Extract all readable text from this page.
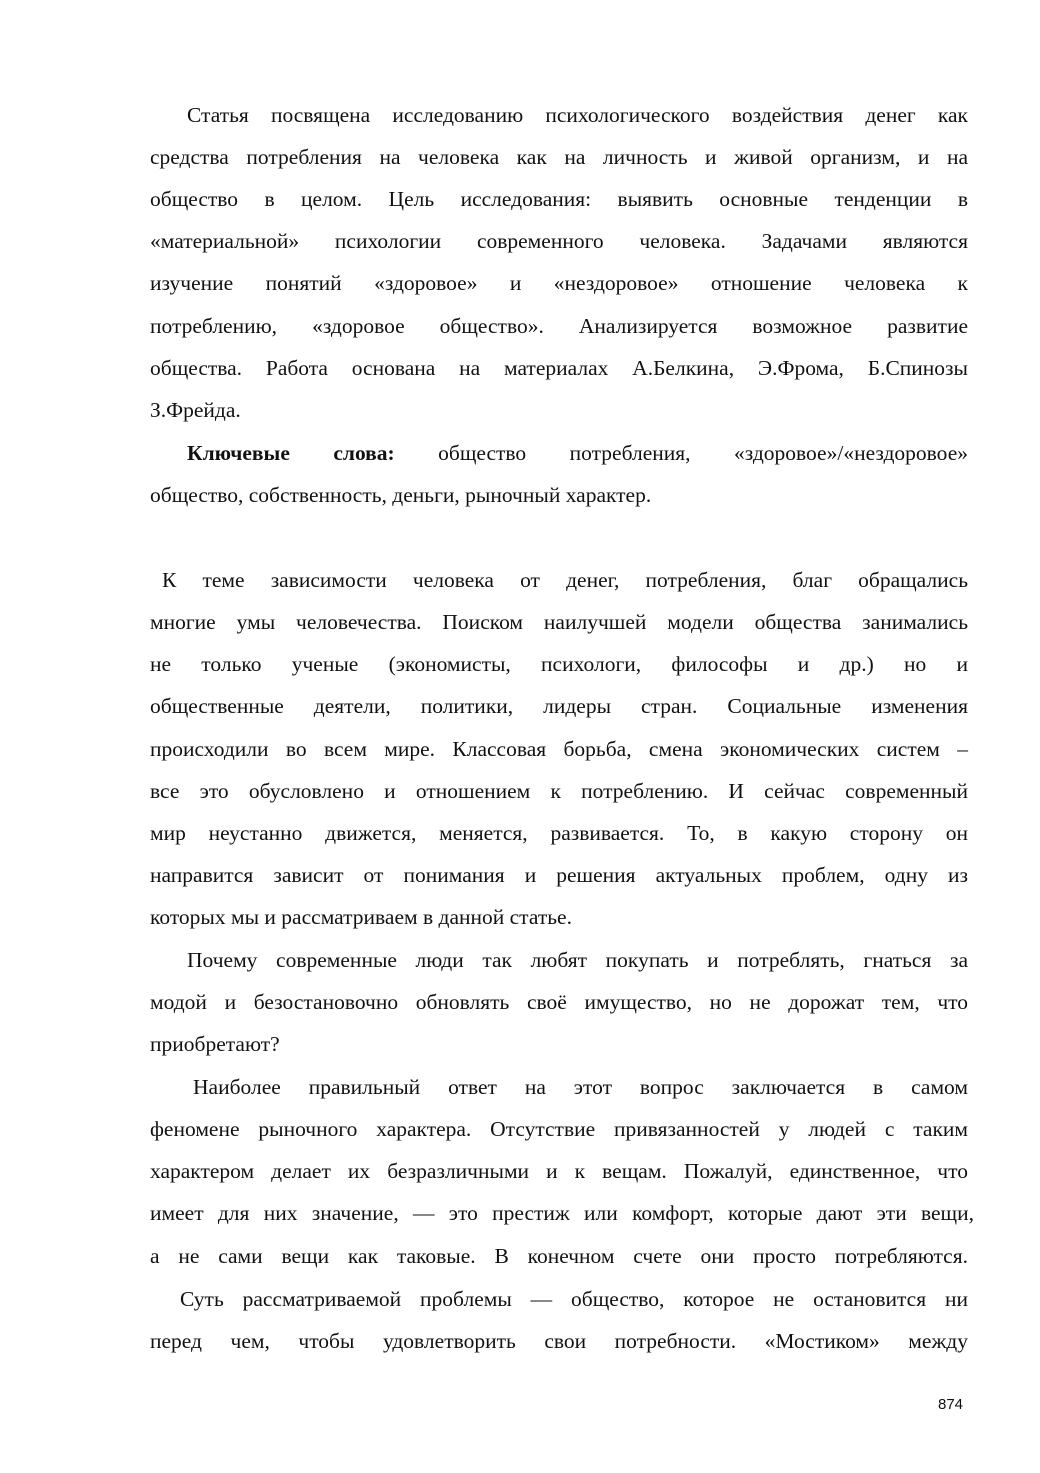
Статья посвящена исследованию психологического воздействия денег как
средства потребления на человека как на личность и живой организм, и на
общество в целом. Цель исследования: выявить основные тенденции в
«материальной» психологии современного человека. Задачами являются
изучение понятий «здоровое» и «нездоровое» отношение человека к
потреблению, «здоровое общество». Анализируется возможное развитие
общества. Работа основана на материалах А.Белкина, Э.Фрома, Б.Спинозы
З.Фрейда.
Ключевые слова: общество потребления, «здоровое»/«нездоровое»
общество, собственность, деньги, рыночный характер.
К теме зависимости человека от денег, потребления, благ обращались
многие умы человечества. Поиском наилучшей модели общества занимались
не только ученые (экономисты, психологи, философы и др.) но и
общественные деятели, политики, лидеры стран. Социальные изменения
происходили во всем мире. Классовая борьба, смена экономических систем –
все это обусловлено и отношением к потреблению. И сейчас современный
мир неустанно движется, меняется, развивается. То, в какую сторону он
направится зависит от понимания и решения актуальных проблем, одну из
которых мы и рассматриваем в данной статье.
Почему современные люди так любят покупать и потреблять, гнаться за
модой и безостановочно обновлять своё имущество, но не дорожат тем, что
приобретают?
Наиболее правильный ответ на этот вопрос заключается в самом
феномене рыночного характера. Отсутствие привязанностей у людей с таким
характером делает их безразличными и к вещам. Пожалуй, единственное, что
имеет для них значение, — это престиж или комфорт, которые дают эти вещи,
а не сами вещи как таковые. В конечном счете они просто потребляются.
Суть рассматриваемой проблемы — общество, которое не остановится ни
перед чем, чтобы удовлетворить свои потребности. «Мостиком» между
874
